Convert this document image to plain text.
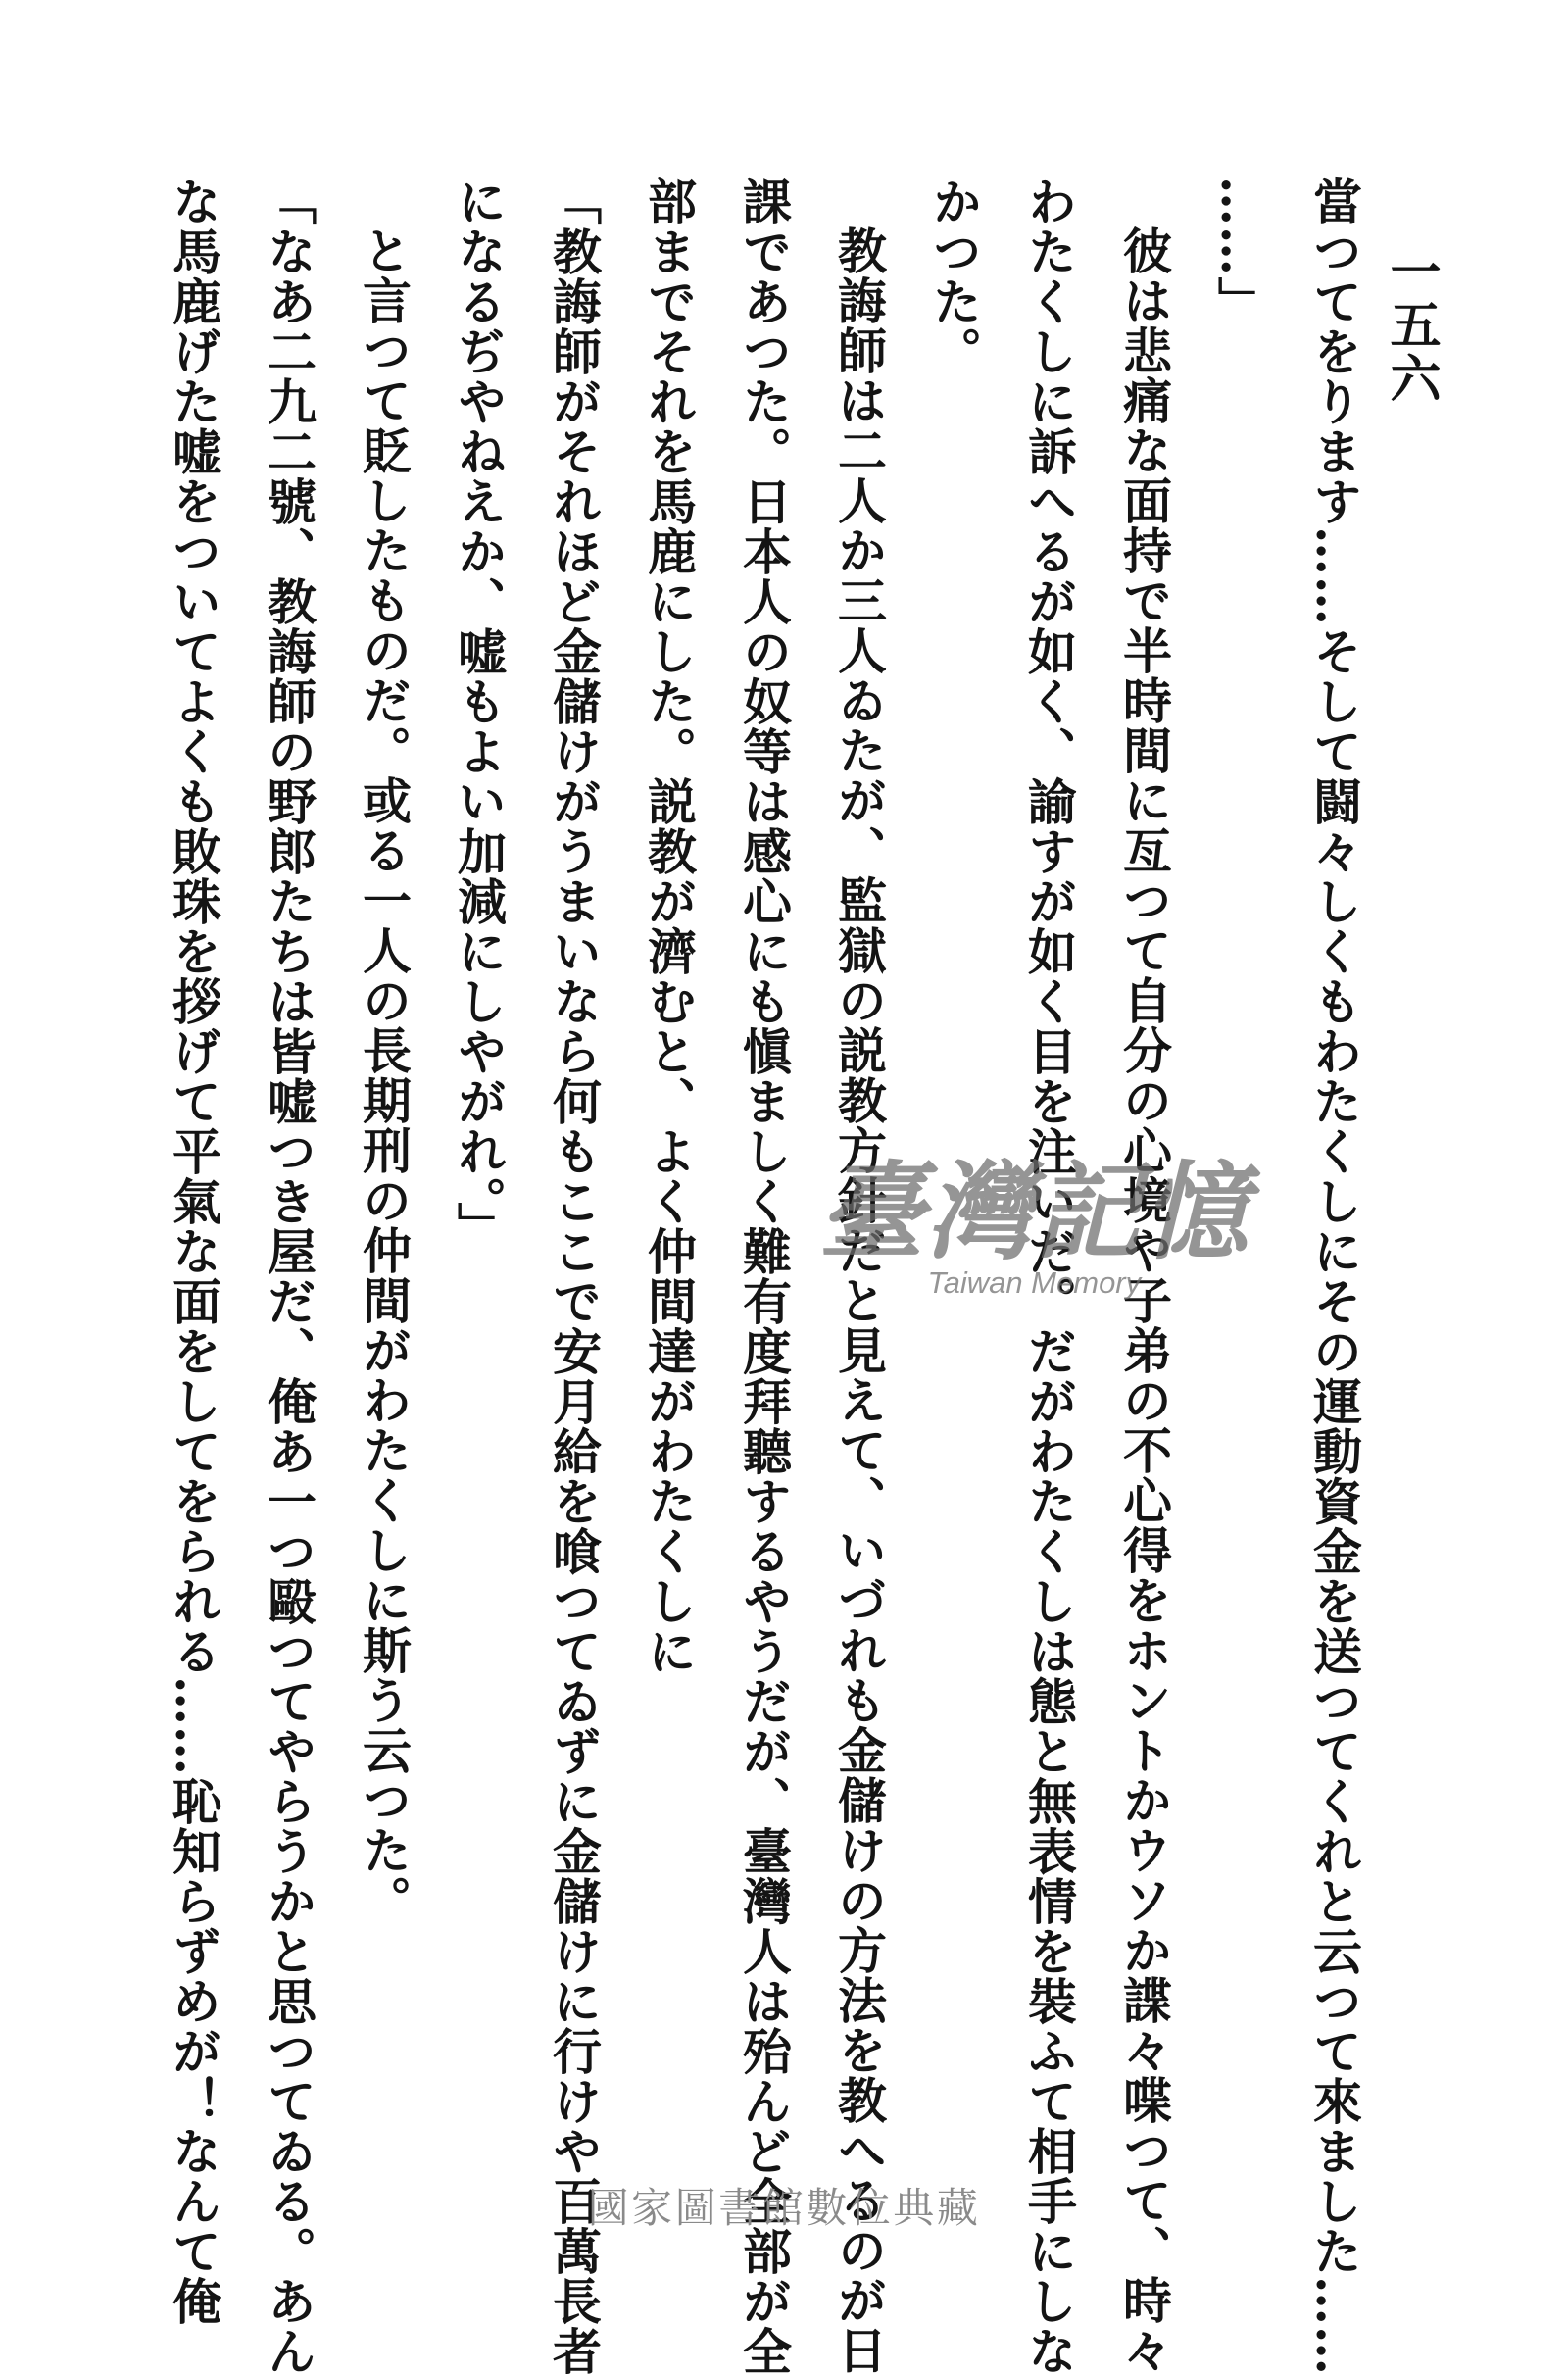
一五六

當つてをります……そして闘々しくもわたくしにその運動資金を送つてくれと云つて來ました……

……」

彼は悲痛な面持で半時間に亙つて自分の心境や子弟の不心得をホントかウソか諜々喋つて、時々

わたくしに訴へるが如く、諭すが如く目を注いだ。だがわたくしは態と無表情を裝ふて相手にしな

かつた。

教誨師は二人か三人ゐたが、監獄の説教方針だと見えて、いづれも金儲けの方法を教へるのが日

課であつた。日本人の奴等は感心にも愼ましく難有度拜聽するやうだが、臺灣人は殆んど全部が全

部までそれを馬鹿にした。説教が濟むと、よく仲間達がわたくしに

「教誨師がそれほど金儲けがうまいなら何もここで安月給を喰つてゐずに金儲けに行けや百萬長者

になるぢやねえか、嘘もよい加減にしやがれ。」

と言つて貶したものだ。或る一人の長期刑の仲間がわたくしに斯う云つた。

「なあ二九二號、教誨師の野郎たちは皆嘘つき屋だ、俺あ一つ毆つてやらうかと思つてゐる。あん

な馬鹿げた嘘をついてよくも敗珠を拶げて平氣な面をしてをられる……恥知らずめが！なんて俺	臺灣記憶
Taiwan Memory
國家圖書館數位典藏
